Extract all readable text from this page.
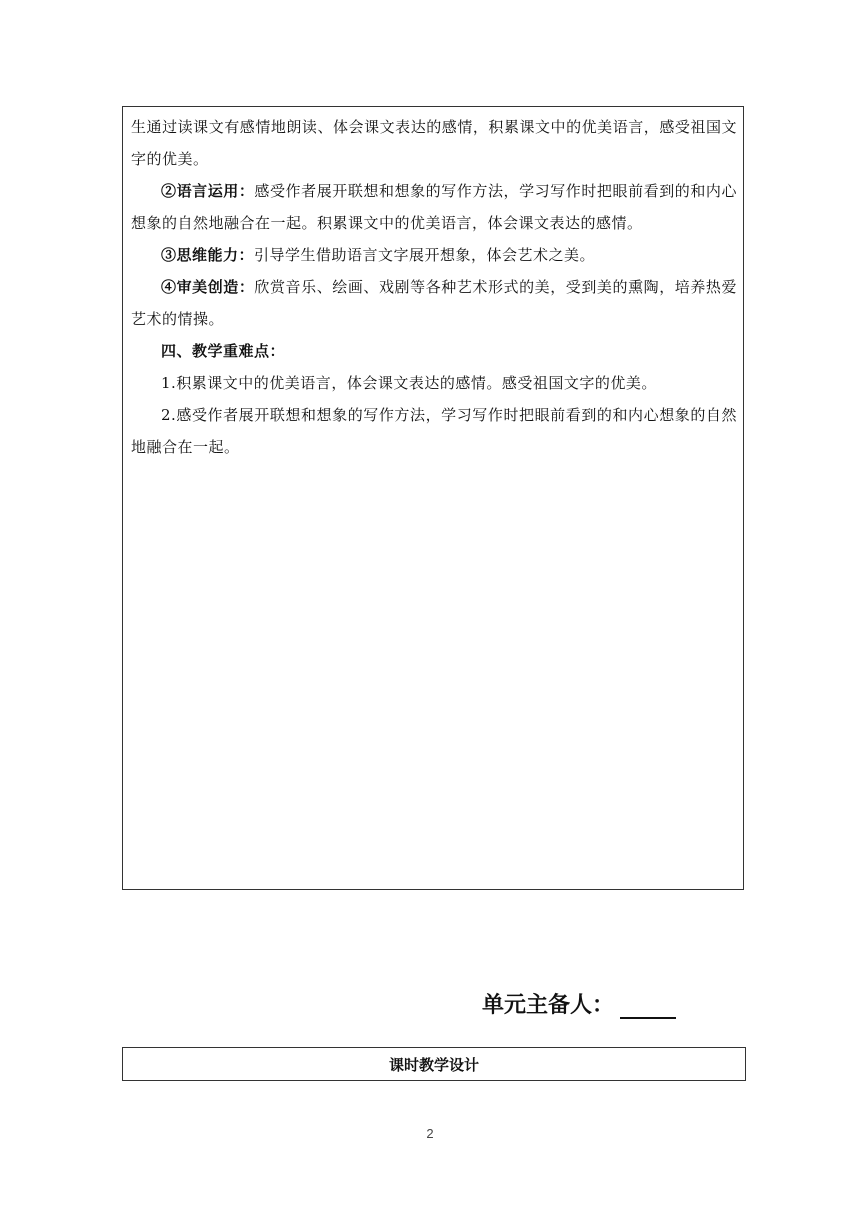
生通过读课文有感情地朗读、体会课文表达的感情，积累课文中的优美语言，感受祖国文字的优美。

②语言运用：感受作者展开联想和想象的写作方法，学习写作时把眼前看到的和内心想象的自然地融合在一起。积累课文中的优美语言，体会课文表达的感情。

③思维能力：引导学生借助语言文字展开想象，体会艺术之美。

④审美创造：欣赏音乐、绘画、戏剧等各种艺术形式的美，受到美的熏陶，培养热爱艺术的情操。

四、教学重难点：

1.积累课文中的优美语言，体会课文表达的感情。感受祖国文字的优美。

2.感受作者展开联想和想象的写作方法，学习写作时把眼前看到的和内心想象的自然地融合在一起。

单元主备人：
课时教学设计
2
